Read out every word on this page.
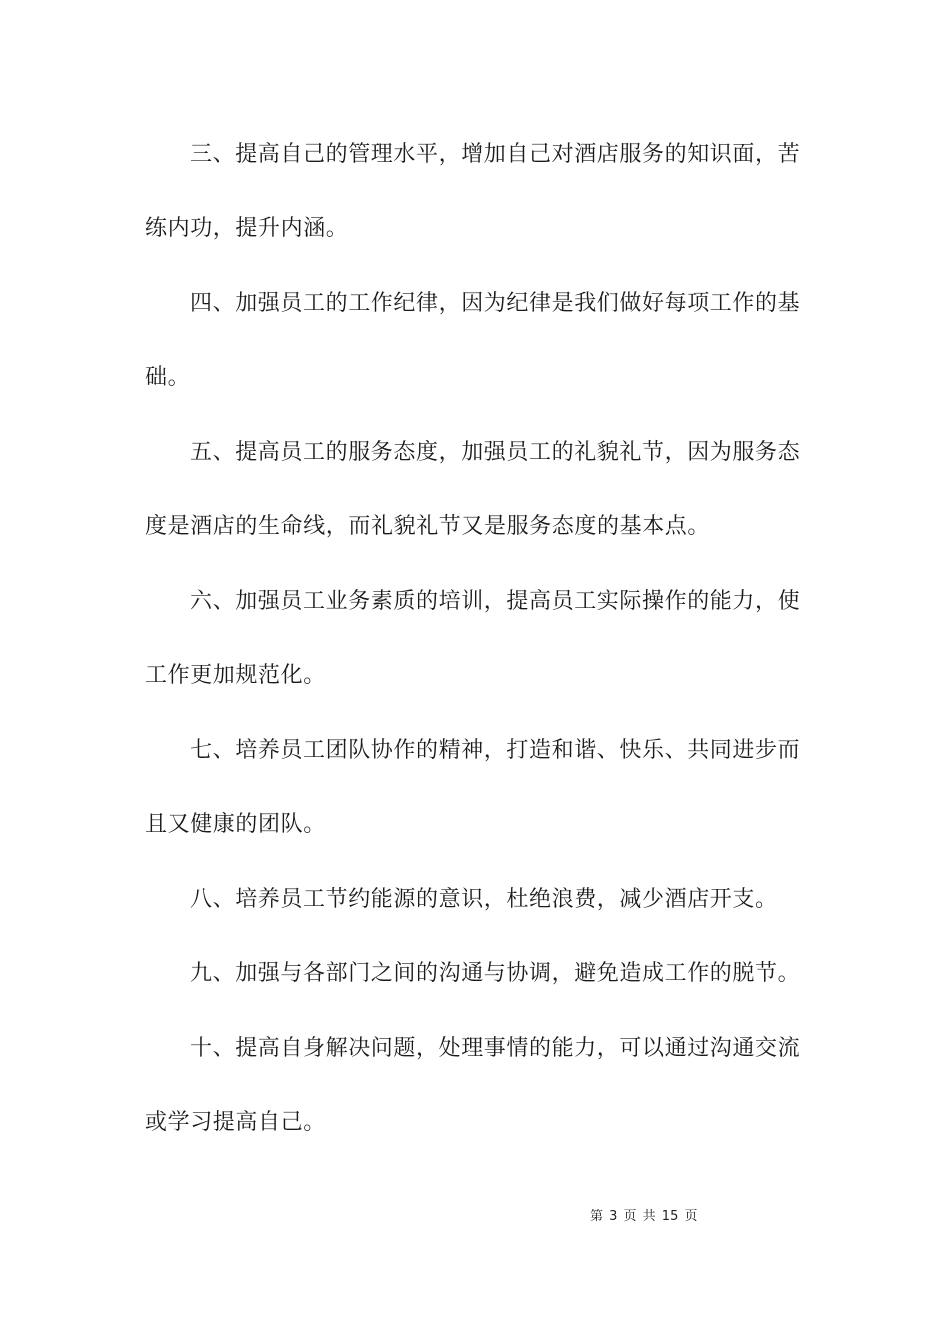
三、提高自己的管理水平，增加自己对酒店服务的知识面，苦
练内功，提升内涵。
四、加强员工的工作纪律，因为纪律是我们做好每项工作的基
础。
五、提高员工的服务态度，加强员工的礼貌礼节，因为服务态
度是酒店的生命线，而礼貌礼节又是服务态度的基本点。
六、加强员工业务素质的培训，提高员工实际操作的能力，使
工作更加规范化。
七、培养员工团队协作的精神，打造和谐、快乐、共同进步而
且又健康的团队。
八、培养员工节约能源的意识，杜绝浪费，减少酒店开支。
九、加强与各部门之间的沟通与协调，避免造成工作的脱节。
十、提高自身解决问题，处理事情的能力，可以通过沟通交流
或学习提高自己。
第 3 页 共 15 页
